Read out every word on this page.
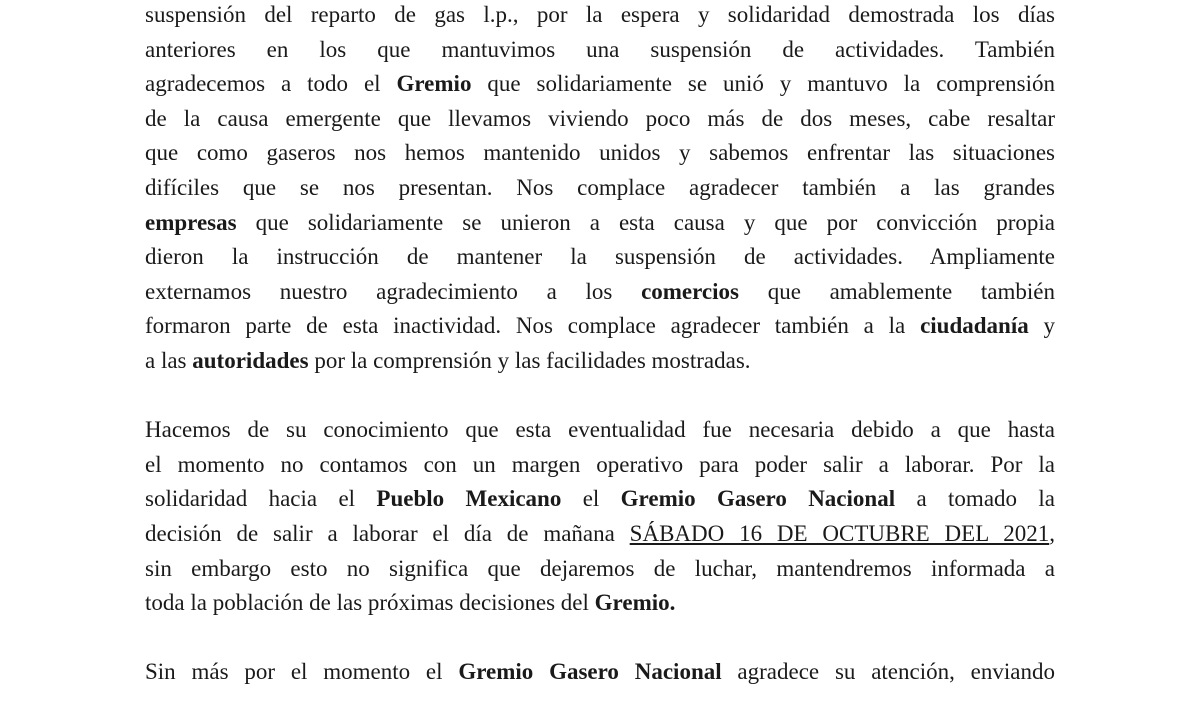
suspensión del reparto de gas l.p., por la espera y solidaridad demostrada los días
anteriores en los que mantuvimos una suspensión de actividades. También
agradecemos a todo el Gremio que solidariamente se unió y mantuvo la comprensión
de la causa emergente que llevamos viviendo poco más de dos meses, cabe resaltar
que como gaseros nos hemos mantenido unidos y sabemos enfrentar las situaciones
difíciles que se nos presentan. Nos complace agradecer también a las grandes
empresas que solidariamente se unieron a esta causa y que por convicción propia
dieron la instrucción de mantener la suspensión de actividades. Ampliamente
externamos nuestro agradecimiento a los comercios que amablemente también
formaron parte de esta inactividad. Nos complace agradecer también a la ciudadanía y
a las autoridades por la comprensión y las facilidades mostradas.
Hacemos de su conocimiento que esta eventualidad fue necesaria debido a que hasta
el momento no contamos con un margen operativo para poder salir a laborar. Por la
solidaridad hacia el Pueblo Mexicano el Gremio Gasero Nacional a tomado la
decisión de salir a laborar el día de mañana SÁBADO 16 DE OCTUBRE DEL 2021,
sin embargo esto no significa que dejaremos de luchar, mantendremos informada a
toda la población de las próximas decisiones del Gremio.
Sin más por el momento el Gremio Gasero Nacional agradece su atención, enviando
